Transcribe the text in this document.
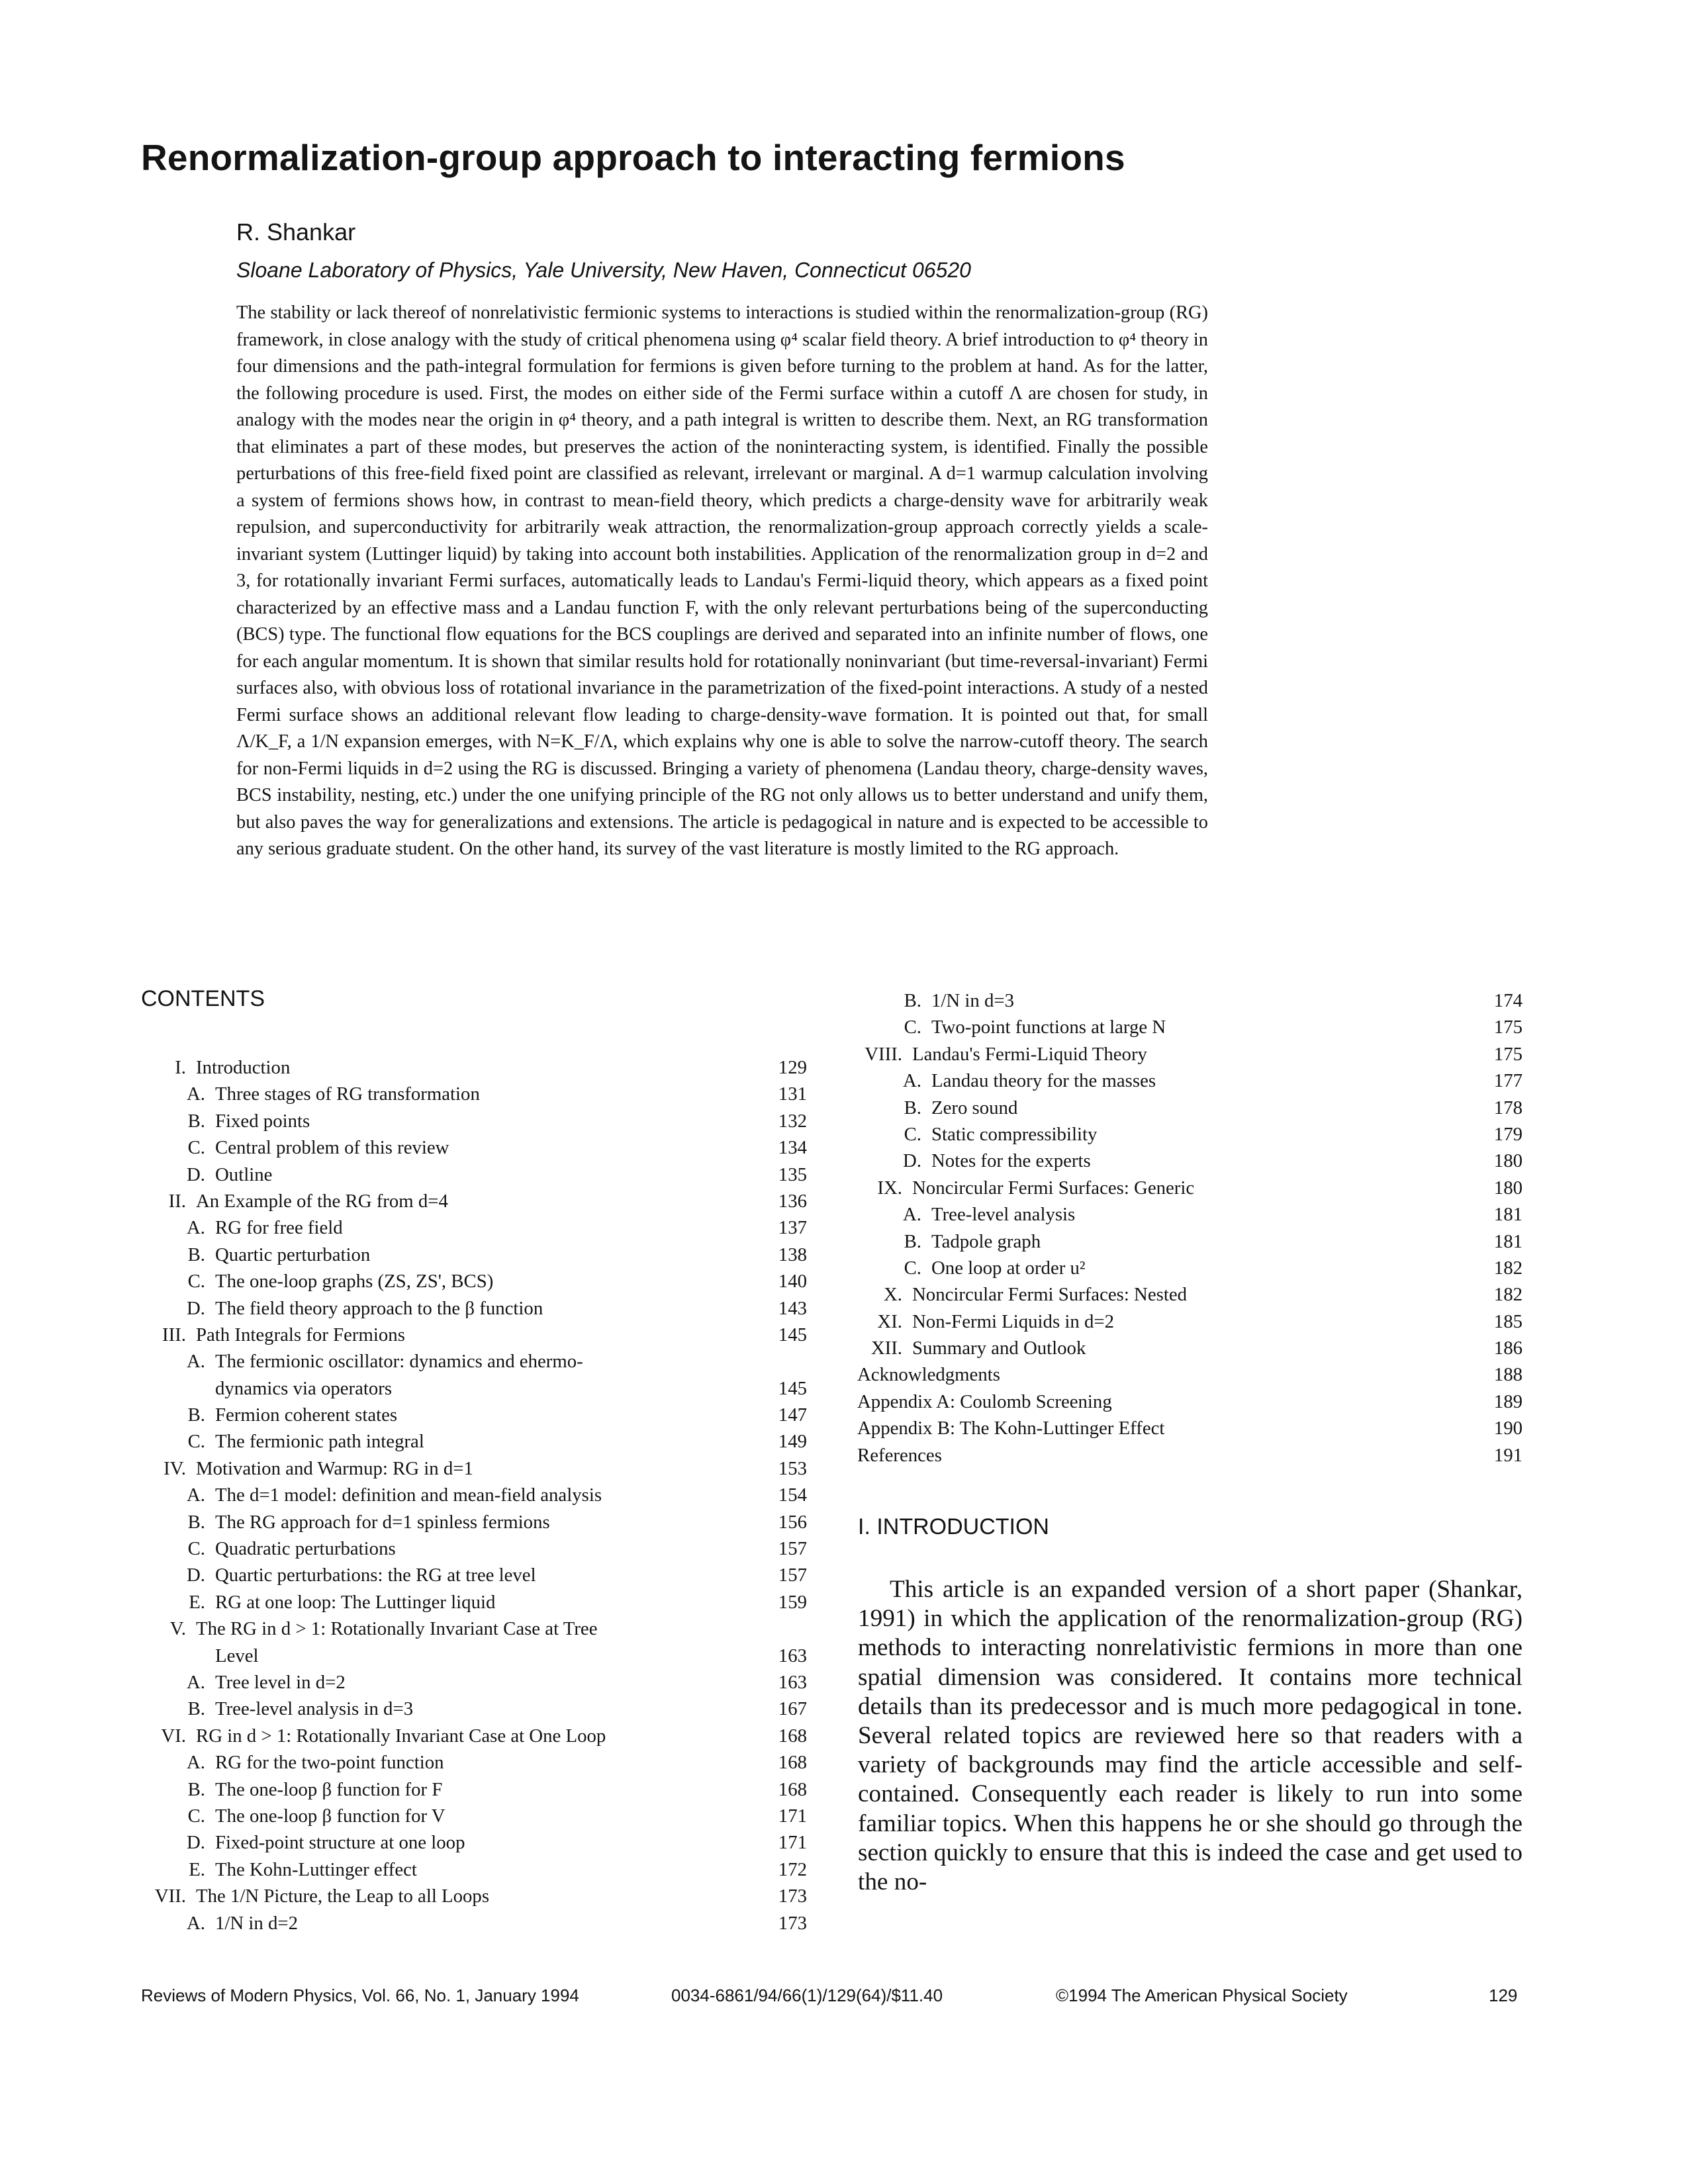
Renormalization-group approach to interacting fermions
R. Shankar
Sloane Laboratory of Physics, Yale University, New Haven, Connecticut 06520
The stability or lack thereof of nonrelativistic fermionic systems to interactions is studied within the renormalization-group (RG) framework, in close analogy with the study of critical phenomena using φ⁴ scalar field theory. A brief introduction to φ⁴ theory in four dimensions and the path-integral formulation for fermions is given before turning to the problem at hand. As for the latter, the following procedure is used. First, the modes on either side of the Fermi surface within a cutoff Λ are chosen for study, in analogy with the modes near the origin in φ⁴ theory, and a path integral is written to describe them. Next, an RG transformation that eliminates a part of these modes, but preserves the action of the noninteracting system, is identified. Finally the possible perturbations of this free-field fixed point are classified as relevant, irrelevant or marginal. A d=1 warmup calculation involving a system of fermions shows how, in contrast to mean-field theory, which predicts a charge-density wave for arbitrarily weak repulsion, and superconductivity for arbitrarily weak attraction, the renormalization-group approach correctly yields a scale-invariant system (Luttinger liquid) by taking into account both instabilities. Application of the renormalization group in d=2 and 3, for rotationally invariant Fermi surfaces, automatically leads to Landau's Fermi-liquid theory, which appears as a fixed point characterized by an effective mass and a Landau function F, with the only relevant perturbations being of the superconducting (BCS) type. The functional flow equations for the BCS couplings are derived and separated into an infinite number of flows, one for each angular momentum. It is shown that similar results hold for rotationally noninvariant (but time-reversal-invariant) Fermi surfaces also, with obvious loss of rotational invariance in the parametrization of the fixed-point interactions. A study of a nested Fermi surface shows an additional relevant flow leading to charge-density-wave formation. It is pointed out that, for small Λ/K_F, a 1/N expansion emerges, with N=K_F/Λ, which explains why one is able to solve the narrow-cutoff theory. The search for non-Fermi liquids in d=2 using the RG is discussed. Bringing a variety of phenomena (Landau theory, charge-density waves, BCS instability, nesting, etc.) under the one unifying principle of the RG not only allows us to better understand and unify them, but also paves the way for generalizations and extensions. The article is pedagogical in nature and is expected to be accessible to any serious graduate student. On the other hand, its survey of the vast literature is mostly limited to the RG approach.
CONTENTS
I. Introduction	129
A. Three stages of RG transformation	131
B. Fixed points	132
C. Central problem of this review	134
D. Outline	135
II. An Example of the RG from d=4	136
A. RG for free field	137
B. Quartic perturbation	138
C. The one-loop graphs (ZS, ZS', BCS)	140
D. The field theory approach to the β function	143
III. Path Integrals for Fermions	145
A. The fermionic oscillator: dynamics and ehermo-
dynamics via operators	145
B. Fermion coherent states	147
C. The fermionic path integral	149
IV. Motivation and Warmup: RG in d=1	153
A. The d=1 model: definition and mean-field analysis	154
B. The RG approach for d=1 spinless fermions	156
C. Quadratic perturbations	157
D. Quartic perturbations: the RG at tree level	157
E. RG at one loop: The Luttinger liquid	159
V. The RG in d > 1: Rotationally Invariant Case at Tree
Level	163
A. Tree level in d=2	163
B. Tree-level analysis in d=3	167
VI. RG in d > 1: Rotationally Invariant Case at One Loop	168
A. RG for the two-point function	168
B. The one-loop β function for F	168
C. The one-loop β function for V	171
D. Fixed-point structure at one loop	171
E. The Kohn-Luttinger effect	172
VII. The 1/N Picture, the Leap to all Loops	173
A. 1/N in d=2	173
B. 1/N in d=3	174
C. Two-point functions at large N	175
VIII. Landau's Fermi-Liquid Theory	175
A. Landau theory for the masses	177
B. Zero sound	178
C. Static compressibility	179
D. Notes for the experts	180
IX. Noncircular Fermi Surfaces: Generic	180
A. Tree-level analysis	181
B. Tadpole graph	181
C. One loop at order u²	182
X. Noncircular Fermi Surfaces: Nested	182
XI. Non-Fermi Liquids in d=2	185
XII. Summary and Outlook	186
Acknowledgments	188
Appendix A: Coulomb Screening	189
Appendix B: The Kohn-Luttinger Effect	190
References	191
I. INTRODUCTION
This article is an expanded version of a short paper (Shankar, 1991) in which the application of the renormalization-group (RG) methods to interacting nonrelativistic fermions in more than one spatial dimension was considered. It contains more technical details than its predecessor and is much more pedagogical in tone. Several related topics are reviewed here so that readers with a variety of backgrounds may find the article accessible and self-contained. Consequently each reader is likely to run into some familiar topics. When this happens he or she should go through the section quickly to ensure that this is indeed the case and get used to the no-
Reviews of Modern Physics, Vol. 66, No. 1, January 1994	0034-6861/94/66(1)/129(64)/$11.40	©1994 The American Physical Society	129
